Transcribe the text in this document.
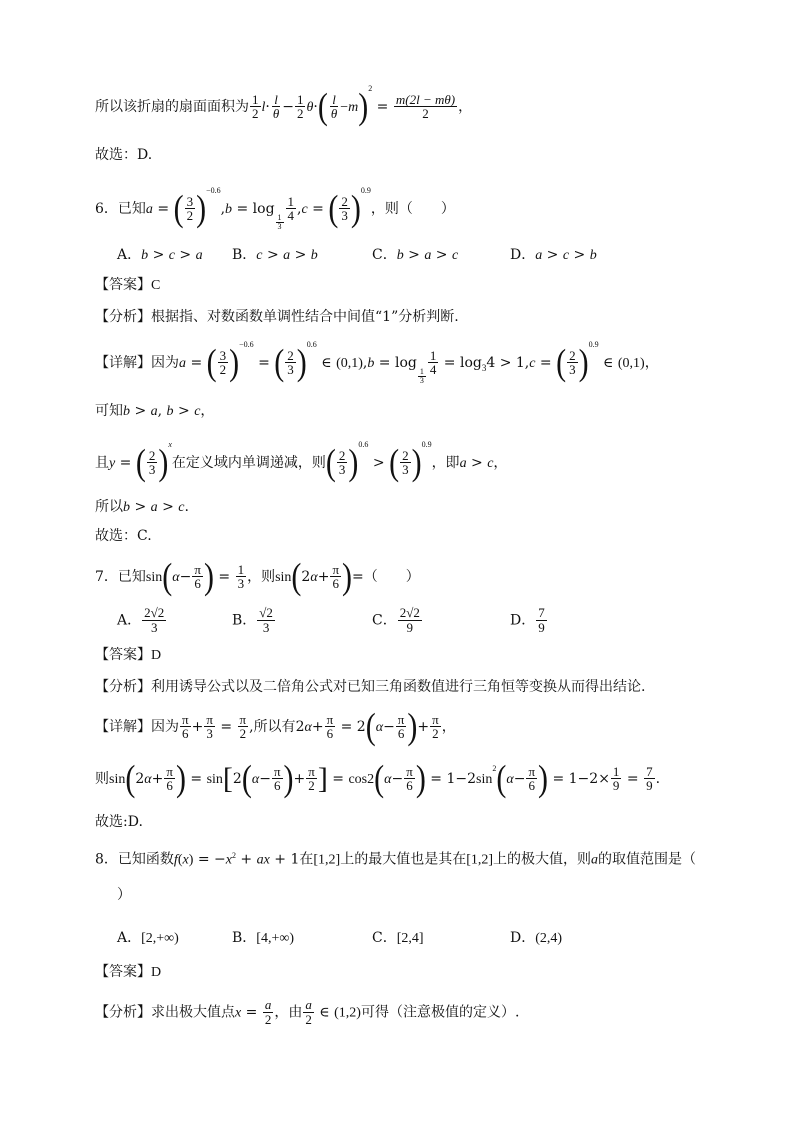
所以该折扇的扇面面积为 $\frac{1}{2} l\cdot \frac{l}{\theta} - \frac{1}{2} \theta\cdot( \frac{l}{\theta} -m)^2 = \frac{m(2l - m\theta)}{2}$ ，
故选：D.
6．已知a = ( $\frac{3}{2} )^{-0.6},b = \log$
$_{\frac{1}{3}} \frac{1}{4} ,c$ = ( $\frac{2}{3} )^{0.9}$，则（　　）
A．b > c > a B．c > a > b	C．b > a > c	D．a > c > b
【答案】C
【分析】根据指、对数函数单调性结合中间值“1”分析判断.
【详解】因为a = ( $\frac{3}{2} )^{-0.6}$ = ( $\frac{2}{3} )^{0.6}$ ∈ (0,1),b = log
$_{\frac{1}{3}} \frac{1}{4} = \log_34 > 1,c$ = ( $\frac{2}{3} )^{0.9}$ ∈ (0,1)，
可知b > a, b > c，
且y = ( $\frac{2}{3} )^x$在定义域内单调递减，则( $\frac{2}{3} )^{0.6}$ > ( $\frac{2}{3} )^{0.9}$，即a > c，
所以b > a > c.
故选：C.
7．已知$\sin(\alpha- \frac{\pi}{6}$ ) = $\frac{1}{3}$ ，则$\sin(2\alpha+ \frac{\pi}{6}$ )=（　　）
A． $\frac{2√2}{3}$	B． $\frac{√2}{3}$	C． $\frac{2√2}{9}$	D． $\frac{7}{9}$
【答案】D
【分析】利用诱导公式以及二倍角公式对已知三角函数值进行三角恒等变换从而得出结论.
【详解】因为 $\frac{\pi}{6} + \frac{\pi}{3} = \frac{\pi}{2}$ ,所以有$2\alpha+ \frac{\pi}{6} = 2(\alpha- \frac{\pi}{6}$ )+ $\frac{\pi}{2}$ ，
则$\sin(2\alpha+ \frac{\pi}{6}$ ) = $\sin[2(\alpha- \frac{\pi}{6}$ )+ $\frac{\pi}{2}$ ] = $\cos 2(\alpha- \frac{\pi}{6}$ ) = $1-2\sin^2(\alpha- \frac{\pi}{6}$ ) = $1-2\times \frac{1}{9} = \frac{7}{9}$ .
故选:D.
8．已知函数$f(x) = -x^2$ + ax + 1在[1,2]上的最大值也是其在[1,2]上的极大值，则a的取值范围是（
）
A．[2,+∞)	B．[4,+∞)	C．[2,4]	D．(2,4)
【答案】D
【分析】求出极大值点$x = \frac{a}{2}$ ，由 $\frac{a}{2}$ ∈ (1,2)可得（注意极值的定义）.
